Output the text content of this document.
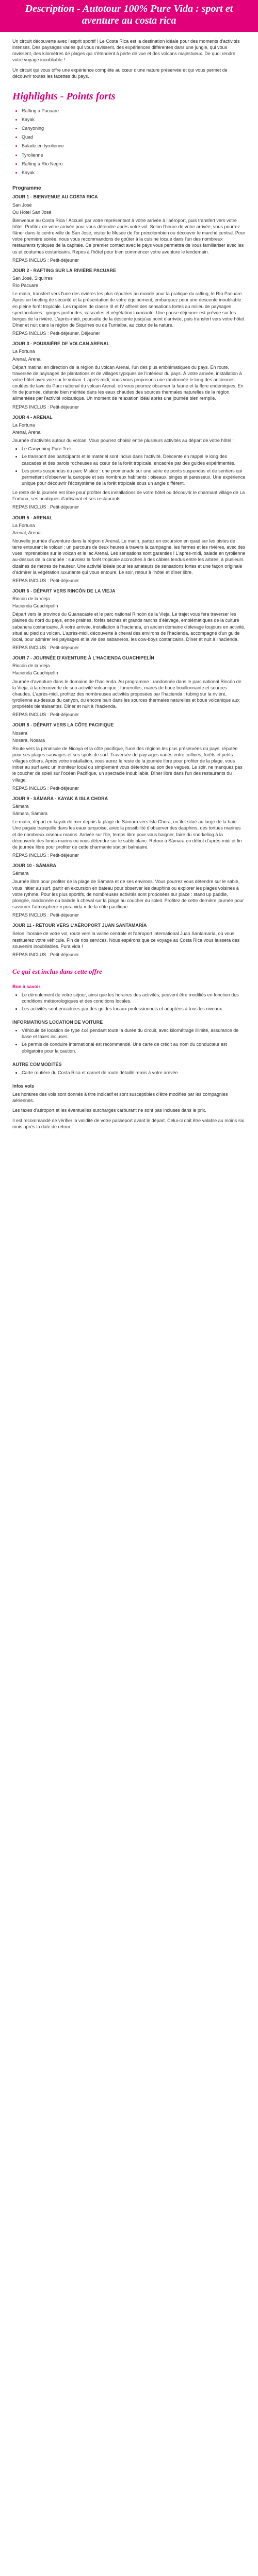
Description - Autotour 100% Pure Vida : sport et aventure au costa rica

Un circuit découverte avec l'esprit sportif ! Le Costa Rica est la destination idéale pour des moments d'activités intenses. Des paysages variés qui vous ravissent, des expériences différentes dans une jungle, qui vous ravissent, des kilomètres de plages qui s'étendent à perte de vue et des volcans majestueux. De quoi rendre votre voyage inoubliable !

Un circuit qui vous offre une expérience complète au cœur d'une nature préservée et qui vous permet de découvrir toutes les facettes du pays.

Highlights - Points forts
• Rafting à Pacuare
• Kayak
• Canyoning
• Quad
• Balade en tyrolienne
• Tyrolienne
• Rafting à Río Negro
• Kayak
Programme
JOUR 1 - BIENVENUE AU COSTA RICA
San José
Ou Hotel San José
Bienvenue au Costa Rica ! Accueil par votre représentant à votre arrivée à l'aéroport, puis transfert vers votre hôtel. Profitez de votre arrivée pour vous détendre après votre vol. Selon l'heure de votre arrivée, vous pourrez flâner dans le centre-ville de San José, visiter le Musée de l'or précolombien ou découvrir le marché central. Pour votre première soirée, nous vous recommandons de goûter à la cuisine locale dans l'un des nombreux restaurants typiques de la capitale. Ce premier contact avec le pays vous permettra de vous familiariser avec les us et coutumes costaricains. Repos à l'hôtel pour bien commencer votre aventure le lendemain.
REPAS INCLUS : Petit-déjeuner
JOUR 2 - RAFTING SUR LA RIVIÈRE PACUARE
San José, Siquirres
Río Pacuare
Le matin, transfert vers l'une des rivières les plus réputées au monde pour la pratique du rafting, le Río Pacuare. Après un briefing de sécurité et la présentation de votre équipement, embarquez pour une descente inoubliable en pleine forêt tropicale. Les rapides de classe III et IV offrent des sensations fortes au milieu de paysages spectaculaires : gorges profondes, cascades et végétation luxuriante. Une pause déjeuner est prévue sur les berges de la rivière. L'après-midi, poursuite de la descente jusqu'au point d'arrivée, puis transfert vers votre hôtel. Dîner et nuit dans la région de Siquirres ou de Turrialba, au cœur de la nature.
REPAS INCLUS : Petit-déjeuner, Déjeuner
JOUR 3 - POUSSIÈRE DE VOLCAN ARENAL
La Fortuna
Arenal, Arenal
Départ matinal en direction de la région du volcan Arenal, l'un des plus emblématiques du pays. En route, traversée de paysages de plantations et de villages typiques de l'intérieur du pays. À votre arrivée, installation à votre hôtel avec vue sur le volcan. L'après-midi, nous vous proposons une randonnée le long des anciennes coulées de lave du Parc national du volcan Arenal, où vous pourrez observer la faune et la flore endémiques. En fin de journée, détente bien méritée dans les eaux chaudes des sources thermales naturelles de la région, alimentées par l'activité volcanique. Un moment de relaxation idéal après une journée bien remplie.
REPAS INCLUS : Petit-déjeuner
JOUR 4 - ARENAL
La Fortuna
Arenal, Arenal
Journée d'activités autour du volcan. Vous pourrez choisir entre plusieurs activités au départ de votre hôtel :
• Le Canyoning Pure Trek
• Le transport des participants et le matériel sont inclus dans l'activité. Descente en rappel le long des cascades et des parois rocheuses au cœur de la forêt tropicale, encadrée par des guides expérimentés.
• Les ponts suspendus du parc Mistico : une promenade sur une série de ponts suspendus et de sentiers qui permettent d'observer la canopée et ses nombreux habitants : oiseaux, singes et paresseux. Une expérience unique pour découvrir l'écosystème de la forêt tropicale sous un angle différent.
Le reste de la journée est libre pour profiter des installations de votre hôtel ou découvrir le charmant village de La Fortuna, ses boutiques d'artisanat et ses restaurants.
REPAS INCLUS : Petit-déjeuner
JOUR 5 - ARENAL
La Fortuna
Arenal, Arenal
Nouvelle journée d'aventure dans la région d'Arenal. Le matin, partez en excursion en quad sur les pistes de terre entourant le volcan : un parcours de deux heures à travers la campagne, les fermes et les rivières, avec des vues imprenables sur le volcan et le lac Arenal. Les sensations sont garanties ! L'après-midi, balade en tyrolienne au-dessus de la canopée : survolez la forêt tropicale accrochés à des câbles tendus entre les arbres, à plusieurs dizaines de mètres de hauteur. Une activité idéale pour les amateurs de sensations fortes et une façon originale d'admirer la végétation luxuriante qui vous entoure. Le soir, retour à l'hôtel et dîner libre.
REPAS INCLUS : Petit-déjeuner
JOUR 6 - DÉPART VERS RINCÓN DE LA VIEJA
Rincón de la Vieja
Hacienda Guachipelín
Départ vers la province du Guanacaste et le parc national Rincón de la Vieja. Le trajet vous fera traverser les plaines du nord du pays, entre prairies, forêts sèches et grands ranchs d'élevage, emblématiques de la culture sabanera costaricaine. À votre arrivée, installation à l'hacienda, un ancien domaine d'élevage toujours en activité, situé au pied du volcan. L'après-midi, découverte à cheval des environs de l'hacienda, accompagné d'un guide local, pour admirer les paysages et la vie des sabaneros, les cow-boys costaricains. Dîner et nuit à l'hacienda.
REPAS INCLUS : Petit-déjeuner
JOUR 7 - JOURNÉE D'AVENTURE À L'HACIENDA GUACHIPELÍN
Rincón de la Vieja
Hacienda Guachipelín
Journée d'aventure dans le domaine de l'hacienda. Au programme : randonnée dans le parc national Rincón de la Vieja, à la découverte de son activité volcanique : fumerolles, mares de boue bouillonnante et sources chaudes. L'après-midi, profitez des nombreuses activités proposées par l'hacienda : tubing sur la rivière, tyrolienne au-dessus du canyon, ou encore bain dans les sources thermales naturelles et boue volcanique aux propriétés bienfaisantes. Dîner et nuit à l'hacienda.
REPAS INCLUS : Petit-déjeuner
JOUR 8 - DÉPART VERS LA CÔTE PACIFIQUE
Nosara
Nosara, Nosara
Route vers la péninsule de Nicoya et la côte pacifique, l'une des régions les plus préservées du pays, réputée pour ses plages sauvages et ses spots de surf. Traversée de paysages variés entre collines, forêts et petits villages côtiers. Après votre installation, vous aurez le reste de la journée libre pour profiter de la plage, vous initier au surf avec un moniteur local ou simplement vous détendre au son des vagues. Le soir, ne manquez pas le coucher de soleil sur l'océan Pacifique, un spectacle inoubliable. Dîner libre dans l'un des restaurants du village.
REPAS INCLUS : Petit-déjeuner
JOUR 9 - SÁMARA - KAYAK À ISLA CHORA
Sámara
Sámara, Sámara
Le matin, départ en kayak de mer depuis la plage de Sámara vers Isla Chora, un îlot situé au large de la baie. Une pagaie tranquille dans les eaux turquoise, avec la possibilité d'observer des dauphins, des tortues marines et de nombreux oiseaux marins. Arrivée sur l'île, temps libre pour vous baigner, faire du snorkeling à la découverte des fonds marins ou vous détendre sur le sable blanc. Retour à Sámara en début d'après-midi et fin de journée libre pour profiter de cette charmante station balnéaire.
REPAS INCLUS : Petit-déjeuner
JOUR 10 - SÁMARA
Sámara
Journée libre pour profiter de la plage de Sámara et de ses environs. Vous pourrez vous détendre sur le sable, vous initier au surf, partir en excursion en bateau pour observer les dauphins ou explorer les plages voisines à votre rythme. Pour les plus sportifs, de nombreuses activités sont proposées sur place : stand up paddle, plongée, randonnée ou balade à cheval sur la plage au coucher du soleil. Profitez de cette dernière journée pour savourer l'atmosphère « pura vida » de la côte pacifique.
REPAS INCLUS : Petit-déjeuner
JOUR 11 - RETOUR VERS L'AÉROPORT JUAN SANTAMARÍA
Selon l'horaire de votre vol, route vers la vallée centrale et l'aéroport international Juan Santamaría, où vous restituerez votre véhicule. Fin de nos services. Nous espérons que ce voyage au Costa Rica vous laissera des souvenirs inoubliables. Pura vida !
REPAS INCLUS : Petit-déjeuner
Ce qui est inclus dans cette offre
Bon à savoir
• Le déroulement de votre séjour, ainsi que les horaires des activités, peuvent être modifiés en fonction des conditions météorologiques et des conditions locales.
• Les activités sont encadrées par des guides locaux professionnels et adaptées à tous les niveaux.
INFORMATIONS LOCATION DE VOITURE
• Véhicule de location de type 4x4 pendant toute la durée du circuit, avec kilométrage illimité, assurance de base et taxes incluses.
• Le permis de conduire international est recommandé. Une carte de crédit au nom du conducteur est obligatoire pour la caution.
AUTRE COMMODITÉS
• Carte routière du Costa Rica et carnet de route détaillé remis à votre arrivée.
Infos vols

Les horaires des vols sont donnés à titre indicatif et sont susceptibles d'être modifiés par les compagnies aériennes.

Les taxes d'aéroport et les éventuelles surcharges carburant ne sont pas incluses dans le prix.

Il est recommandé de vérifier la validité de votre passeport avant le départ. Celui-ci doit être valable au moins six mois après la date de retour.
